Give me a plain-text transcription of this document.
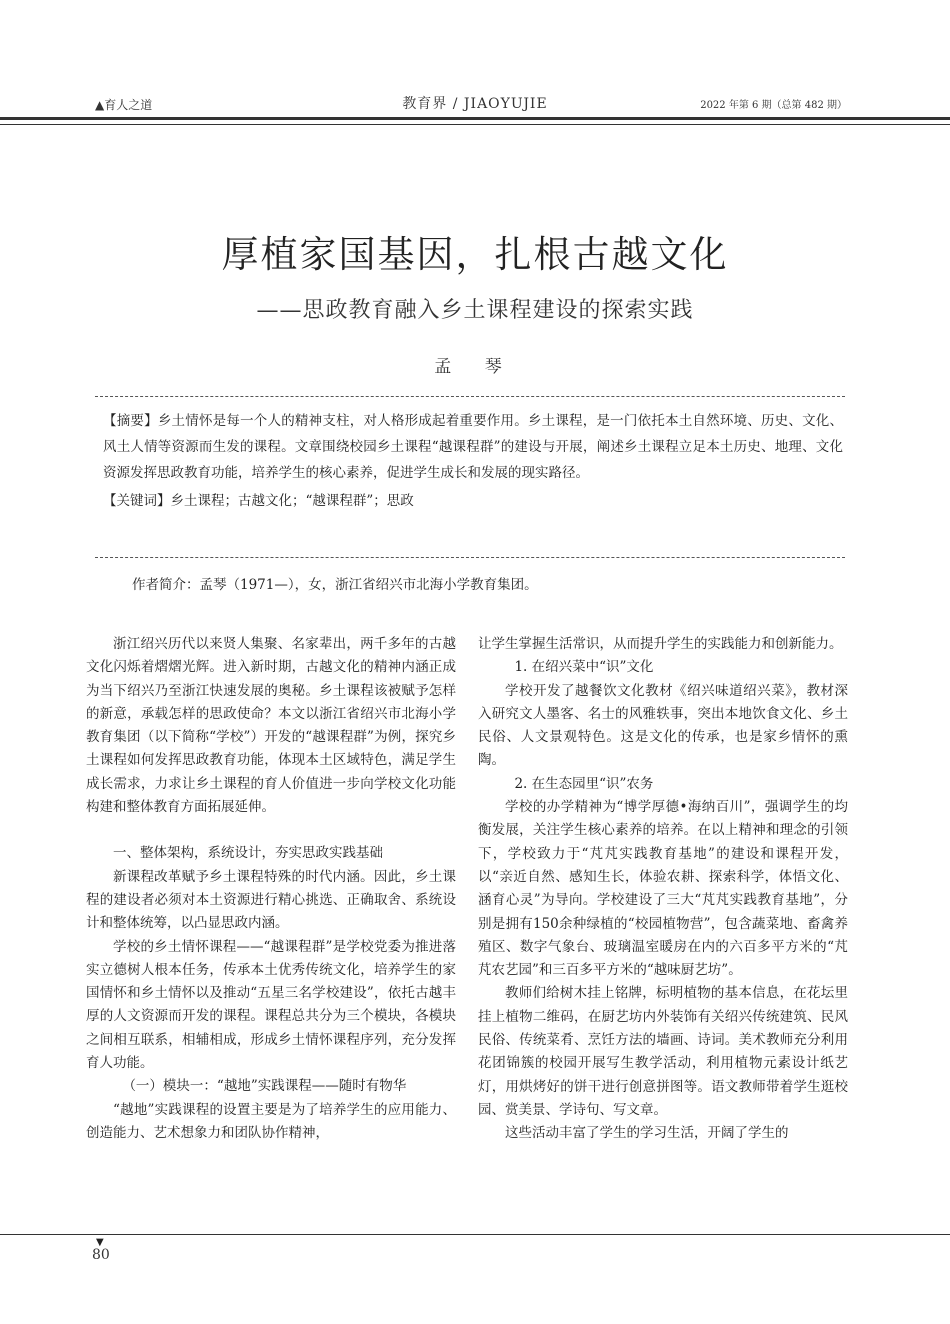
▲育人之道	教育界 / JIAOYUJIE	2022 年第 6 期（总第 482 期）
厚植家国基因，扎根古越文化
——思政教育融入乡土课程建设的探索实践
孟 琴

【摘要】乡土情怀是每一个人的精神支柱，对人格形成起着重要作用。乡土课程，是一门依托本土自然环境、历史、文化、风土人情等资源而生发的课程。文章围绕校园乡土课程“越课程群”的建设与开展，阐述乡土课程立足本土历史、地理、文化资源发挥思政教育功能，培养学生的核心素养，促进学生成长和发展的现实路径。

【关键词】乡土课程；古越文化；“越课程群”；思政

作者简介：孟琴（1971—），女，浙江省绍兴市北海小学教育集团。

浙江绍兴历代以来贤人集聚、名家辈出，两千多年的古越文化闪烁着熠熠光辉。进入新时期，古越文化的精神内涵正成为当下绍兴乃至浙江快速发展的奥秘。乡土课程该被赋予怎样的新意，承载怎样的思政使命？本文以浙江省绍兴市北海小学教育集团（以下简称“学校”）开发的“越课程群”为例，探究乡土课程如何发挥思政教育功能，体现本土区域特色，满足学生成长需求，力求让乡土课程的育人价值进一步向学校文化功能构建和整体教育方面拓展延伸。

一、整体架构，系统设计，夯实思政实践基础

新课程改革赋予乡土课程特殊的时代内涵。因此，乡土课程的建设者必须对本土资源进行精心挑选、正确取舍、系统设计和整体统筹，以凸显思政内涵。

学校的乡土情怀课程——“越课程群”是学校党委为推进落实立德树人根本任务，传承本土优秀传统文化，培养学生的家国情怀和乡土情怀以及推动“五星三名学校建设”，依托古越丰厚的人文资源而开发的课程。课程总共分为三个模块，各模块之间相互联系，相辅相成，形成乡土情怀课程序列，充分发挥育人功能。

（一）模块一：“越地”实践课程——随时有物华

“越地”实践课程的设置主要是为了培养学生的应用能力、创造能力、艺术想象力和团队协作精神，

让学生掌握生活常识，从而提升学生的实践能力和创新能力。

1. 在绍兴菜中“识”文化

学校开发了越餐饮文化教材《绍兴味道绍兴菜》，教材深入研究文人墨客、名士的风雅轶事，突出本地饮食文化、乡土民俗、人文景观特色。这是文化的传承，也是家乡情怀的熏陶。

2. 在生态园里“识”农务

学校的办学精神为“博学厚德•海纳百川”，强调学生的均衡发展，关注学生核心素养的培养。在以上精神和理念的引领下，学校致力于“芃芃实践教育基地”的建设和课程开发，以“亲近自然、感知生长，体验农耕、探索科学，体悟文化、涵育心灵”为导向。学校建设了三大“芃芃实践教育基地”，分别是拥有150余种绿植的“校园植物营”，包含蔬菜地、畜禽养殖区、数字气象台、玻璃温室暖房在内的六百多平方米的“芃芃农艺园”和三百多平方米的“越味厨艺坊”。

教师们给树木挂上铭牌，标明植物的基本信息，在花坛里挂上植物二维码，在厨艺坊内外装饰有关绍兴传统建筑、民风民俗、传统菜肴、烹饪方法的墙画、诗词。美术教师充分利用花团锦簇的校园开展写生教学活动，利用植物元素设计纸艺灯，用烘烤好的饼干进行创意拼图等。语文教师带着学生逛校园、赏美景、学诗句、写文章。

这些活动丰富了学生的学习生活，开阔了学生的

▼
80
